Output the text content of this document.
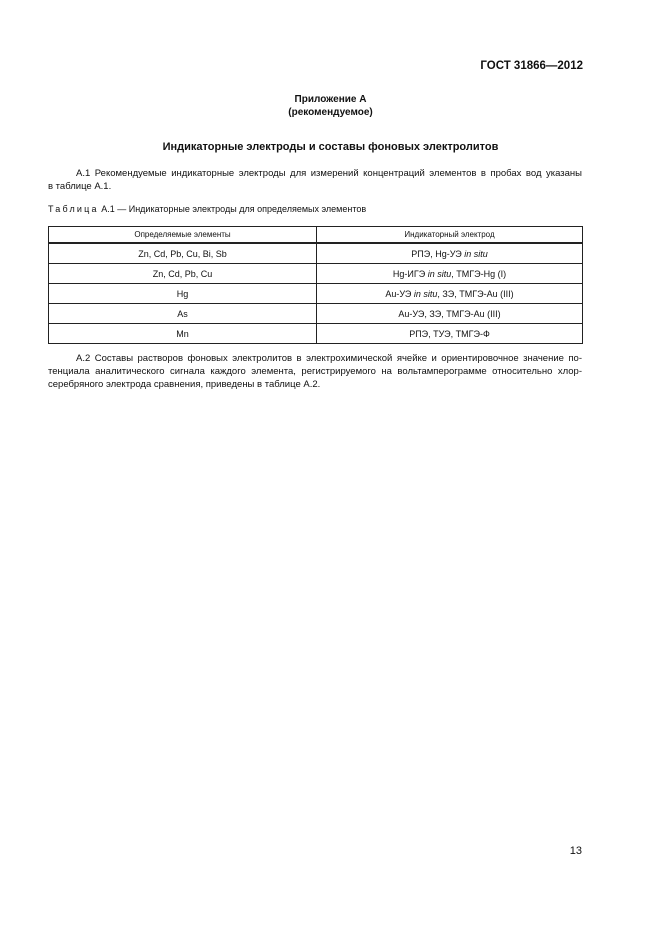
ГОСТ 31866—2012
Приложение А
(рекомендуемое)
Индикаторные электроды и составы фоновых электролитов
А.1 Рекомендуемые индикаторные электроды для измерений концентраций элементов в пробах вод указаны
в таблице А.1.
Таблица А.1 — Индикаторные электроды для определяемых элементов
Определяемые элементы	Индикаторный электрод
Zn, Cd, Pb, Cu, Bi, Sb	РПЭ, Hg-УЭ in situ
Zn, Cd, Pb, Cu	Hg-ИГЭ in situ, ТМГЭ-Hg (I)
Hg	Au-УЭ in situ, ЗЭ, ТМГЭ-Au (III)
As	Au-УЭ, ЗЭ, ТМГЭ-Au (III)
Mn	РПЭ, ТУЭ, ТМГЭ-Ф
А.2 Составы растворов фоновых электролитов в электрохимической ячейке и ориентировочное значение по-
тенциала аналитического сигнала каждого элемента, регистрируемого на вольтамперограмме относительно хлор-
серебряного электрода сравнения, приведены в таблице А.2.
13
